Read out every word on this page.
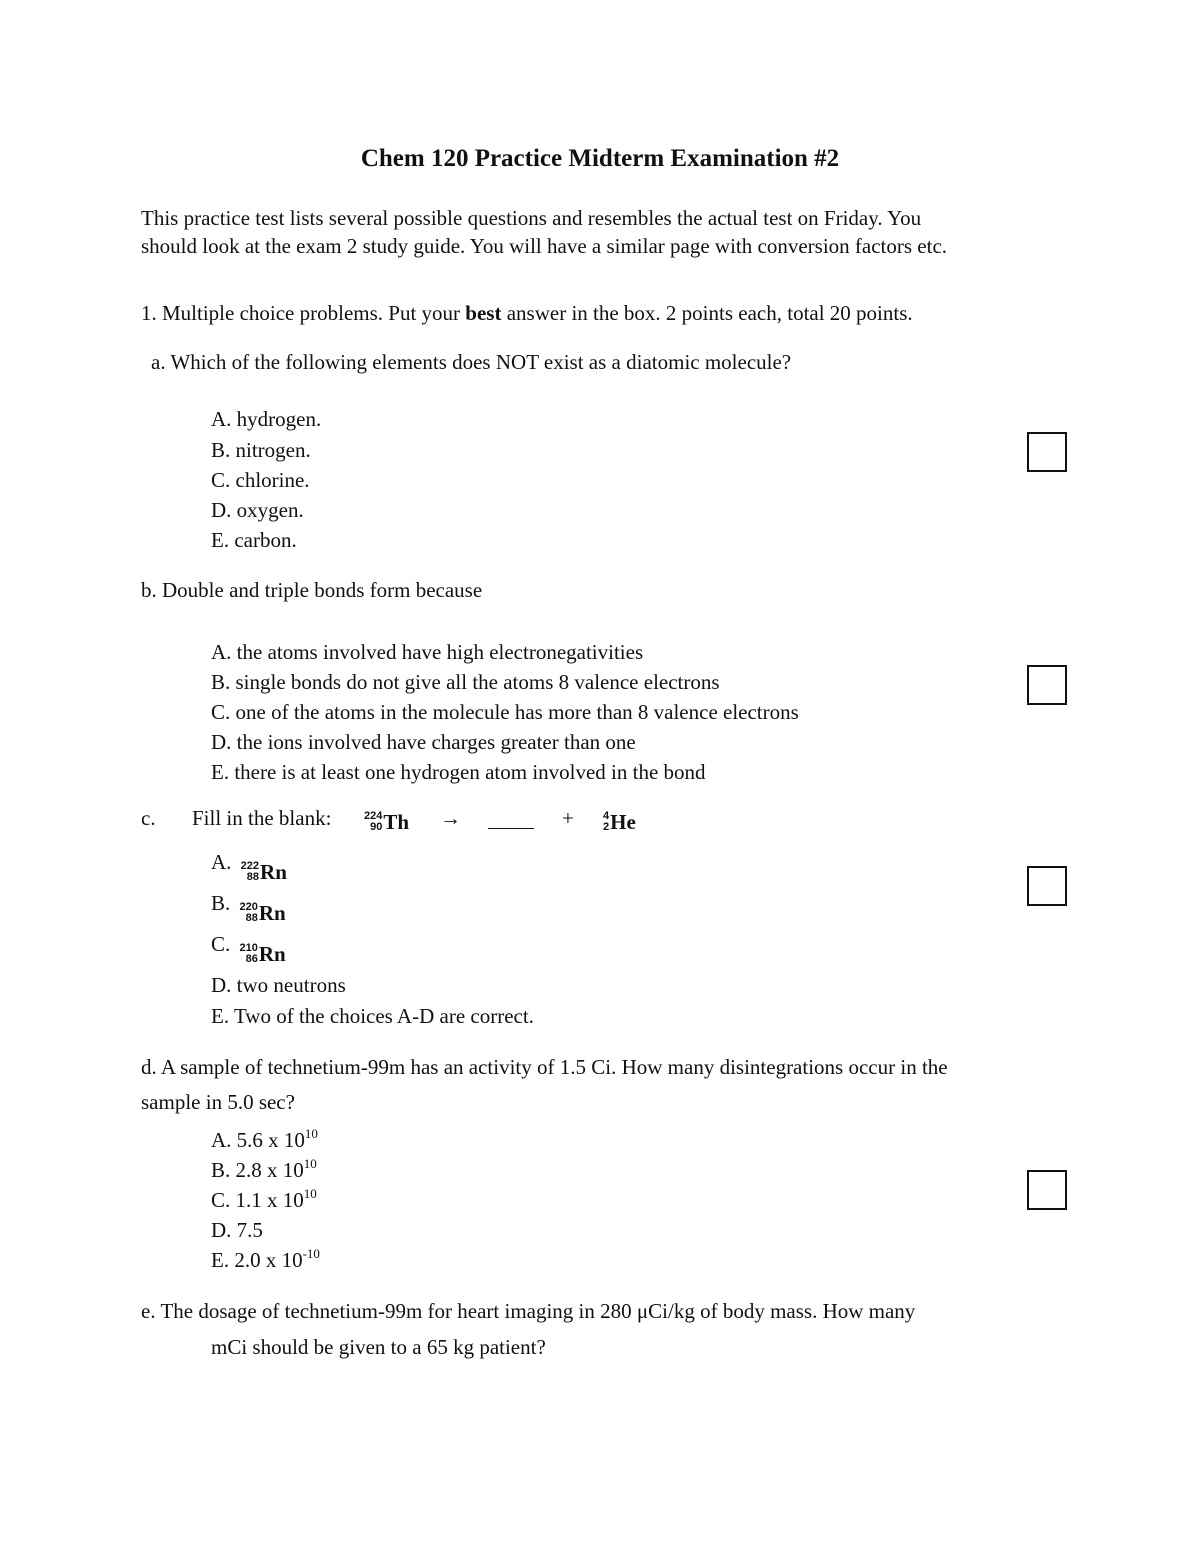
Chem 120 Practice Midterm Examination #2
This practice test lists several possible questions and resembles the actual test on Friday. You
should look at the exam 2 study guide. You will have a similar page with conversion factors etc.
1. Multiple choice problems. Put your best answer in the box. 2 points each, total 20 points.
a. Which of the following elements does NOT exist as a diatomic molecule?
A. hydrogen.
B. nitrogen.
C. chlorine.
D. oxygen.
E. carbon.
b. Double and triple bonds form because
A. the atoms involved have high electronegativities
B. single bonds do not give all the atoms 8 valence electrons
C. one of the atoms in the molecule has more than 8 valence electrons
D. the ions involved have charges greater than one
E. there is at least one hydrogen atom involved in the bond
c. Fill in the blank:	224
90 Th →	+	4
2 He
A. 222
88 Rn
B. 220
88 Rn
C. 210
86 Rn
D. two neutrons
E. Two of the choices A-D are correct.
d. A sample of technetium-99m has an activity of 1.5 Ci. How many disintegrations occur in the
sample in 5.0 sec?
A. 5.6 x $10^{10}$
B. 2.8 x $10^{10}$
C. 1.1 x $10^{10}$
D. 7.5
E. 2.0 x $10^{-10}$
e. The dosage of technetium-99m for heart imaging in 280 μCi/kg of body mass. How many
mCi should be given to a 65 kg patient?
